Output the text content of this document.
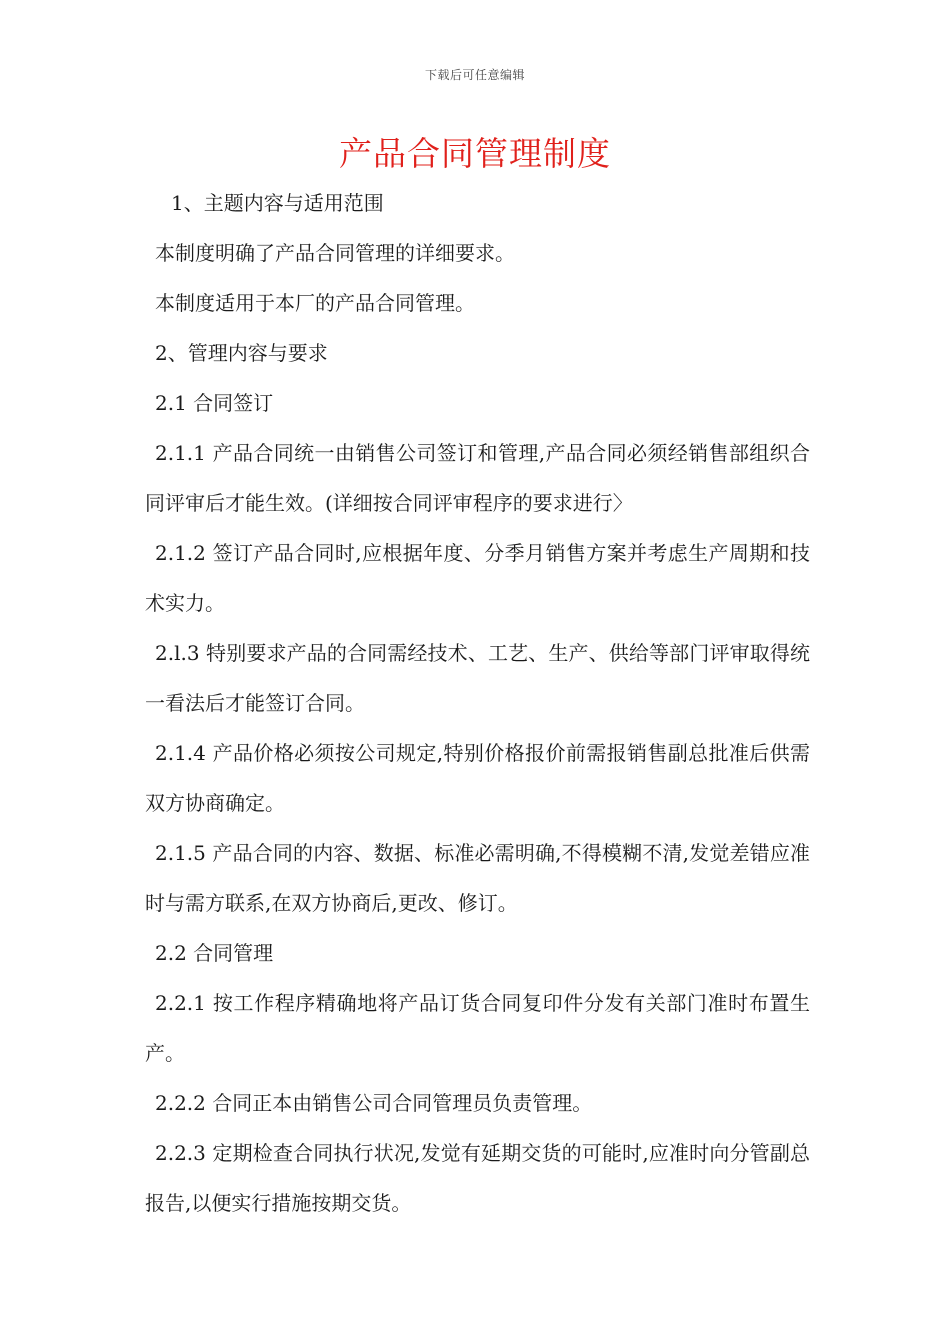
下载后可任意编辑
产品合同管理制度

1、主题内容与适用范围

本制度明确了产品合同管理的详细要求。

本制度适用于本厂的产品合同管理。

2、管理内容与要求

2.1 合同签订

2.1.1 产品合同统一由销售公司签订和管理,产品合同必须经销售部组织合同评审后才能生效。(详细按合同评审程序的要求进行〉

2.1.2 签订产品合同时,应根据年度、分季月销售方案并考虑生产周期和技术实力。

2.l.3 特别要求产品的合同需经技术、工艺、生产、供给等部门评审取得统一看法后才能签订合同。

2.1.4 产品价格必须按公司规定,特别价格报价前需报销售副总批准后供需双方协商确定。

2.1.5 产品合同的内容、数据、标准必需明确,不得模糊不清,发觉差错应准时与需方联系,在双方协商后,更改、修订。

2.2 合同管理

2.2.1 按工作程序精确地将产品订货合同复印件分发有关部门准时布置生产。

2.2.2 合同正本由销售公司合同管理员负责管理。

2.2.3 定期检查合同执行状况,发觉有延期交货的可能时,应准时向分管副总报告,以便实行措施按期交货。
